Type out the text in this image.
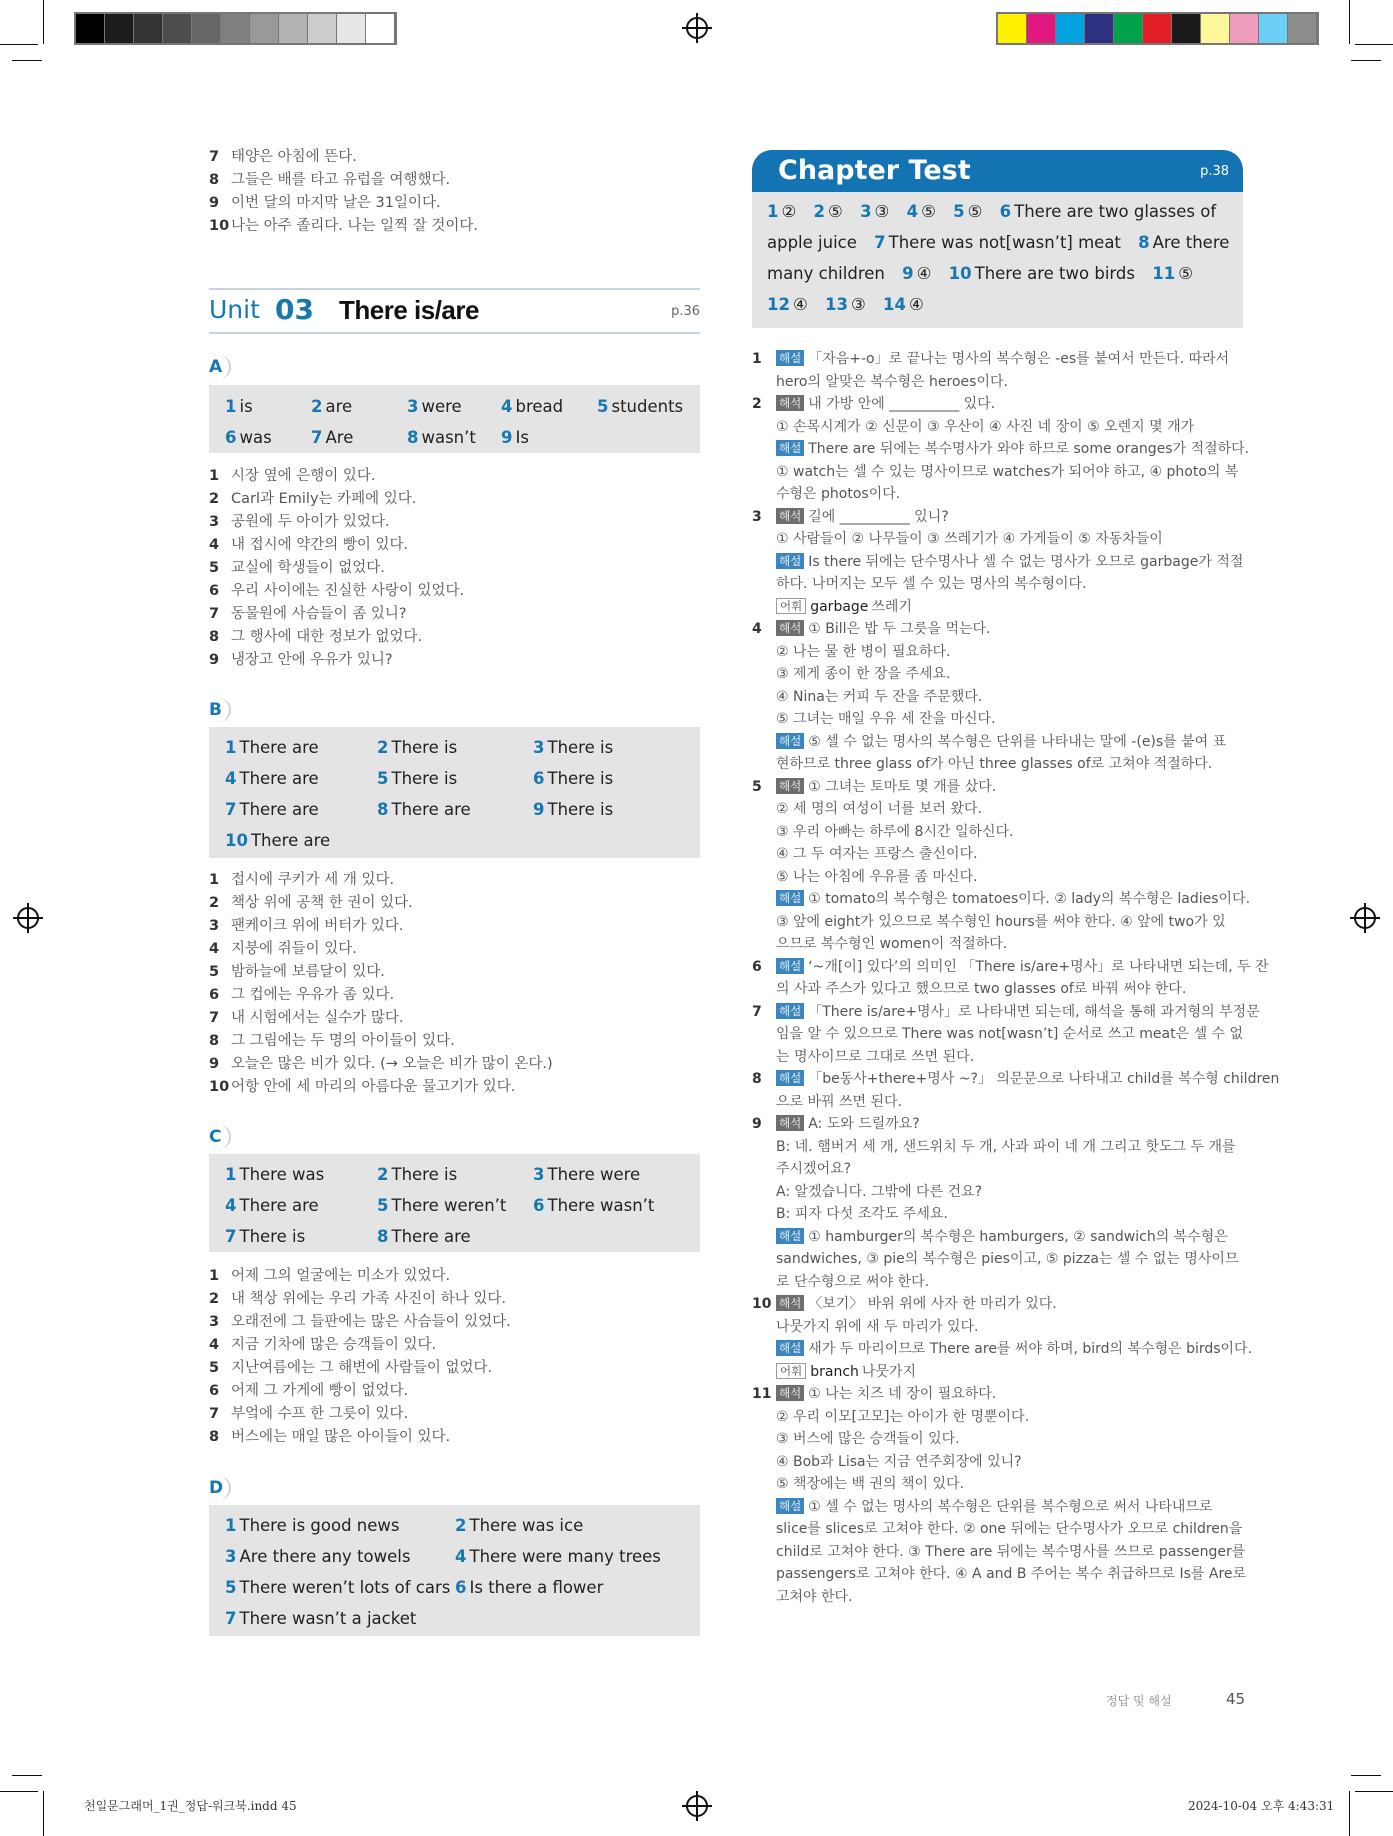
천일문그래머_1권_정답-워크북.indd 45	2024-10-04 오후 4:43:31
Unit 03 There is/are	p.36
Chapter Test	p.38
1 ② 2 ⑤ 3 ③ 4 ⑤ 5 ⑤ 6 There are two glasses of apple juice 7 There was not[wasn’t] meat 8 Are there many children 9 ④ 10 There are two birds 11 ⑤ 12 ④ 13 ③ 14 ④
1 해설 「자음+-o」로 끝나는 명사의 복수형은 -es를 붙여서 만든다. 따라서
hero의 알맞은 복수형은 heroes이다.
2 해석 내 가방 안에 __________ 있다.
① 손목시계가 ② 신문이 ③ 우산이 ④ 사진 네 장이 ⑤ 오렌지 몇 개가
해설 There are 뒤에는 복수명사가 와야 하므로 some oranges가 적절하다.
① watch는 셀 수 있는 명사이므로 watches가 되어야 하고, ④ photo의 복
수형은 photos이다.
3 해석 길에 __________ 있니?
① 사람들이 ② 나무들이 ③ 쓰레기가 ④ 가게들이 ⑤ 자동차들이
해설 Is there 뒤에는 단수명사나 셀 수 없는 명사가 오므로 garbage가 적절
하다. 나머지는 모두 셀 수 있는 명사의 복수형이다.
어휘 garbage 쓰레기
4 해석 ① Bill은 밥 두 그릇을 먹는다.
② 나는 물 한 병이 필요하다.
③ 제게 종이 한 장을 주세요.
④ Nina는 커피 두 잔을 주문했다.
⑤ 그녀는 매일 우유 세 잔을 마신다.
해설 ⑤ 셀 수 없는 명사의 복수형은 단위를 나타내는 말에 -(e)s를 붙여 표
현하므로 three glass of가 아닌 three glasses of로 고쳐야 적절하다.
5 해석 ① 그녀는 토마토 몇 개를 샀다.
② 세 명의 여성이 너를 보러 왔다.
③ 우리 아빠는 하루에 8시간 일하신다.
④ 그 두 여자는 프랑스 출신이다.
⑤ 나는 아침에 우유를 좀 마신다.
해설 ① tomato의 복수형은 tomatoes이다. ② lady의 복수형은 ladies이다.
③ 앞에 eight가 있으므로 복수형인 hours를 써야 한다. ④ 앞에 two가 있
으므로 복수형인 women이 적절하다.
6 해설 ‘~개[이] 있다’의 의미인 「There is/are+명사」로 나타내면 되는데, 두 잔
의 사과 주스가 있다고 했으므로 two glasses of로 바꿔 써야 한다.
7 해설 「There is/are+명사」로 나타내면 되는데, 해석을 통해 과거형의 부정문
임을 알 수 있으므로 There was not[wasn’t] 순서로 쓰고 meat은 셀 수 없
는 명사이므로 그대로 쓰면 된다.
8 해설 「be동사+there+명사 ~?」 의문문으로 나타내고 child를 복수형 children
으로 바꿔 쓰면 된다.
9 해석 A: 도와 드릴까요?
B: 네. 햄버거 세 개, 샌드위치 두 개, 사과 파이 네 개 그리고 핫도그 두 개를
주시겠어요?
A: 알겠습니다. 그밖에 다른 건요?
B: 피자 다섯 조각도 주세요.
해설 ① hamburger의 복수형은 hamburgers, ② sandwich의 복수형은
sandwiches, ③ pie의 복수형은 pies이고, ⑤ pizza는 셀 수 없는 명사이므
로 단수형으로 써야 한다.
10 해석 〈보기〉 바위 위에 사자 한 마리가 있다.
나뭇가지 위에 새 두 마리가 있다.
해설 새가 두 마리이므로 There are를 써야 하며, bird의 복수형은 birds이다.
어휘 branch 나뭇가지
11 해석 ① 나는 치즈 네 장이 필요하다.
② 우리 이모[고모]는 아이가 한 명뿐이다.
③ 버스에 많은 승객들이 있다.
④ Bob과 Lisa는 지금 연주회장에 있니?
⑤ 책장에는 백 권의 책이 있다.
해설 ① 셀 수 없는 명사의 복수형은 단위를 복수형으로 써서 나타내므로
slice를 slices로 고쳐야 한다. ② one 뒤에는 단수명사가 오므로 children을
child로 고쳐야 한다. ③ There are 뒤에는 복수명사를 쓰므로 passenger를
passengers로 고쳐야 한다. ④ A and B 주어는 복수 취급하므로 Is를 Are로
고쳐야 한다.
정답 및 해설	45
7 태양은 아침에 뜬다.
8 그들은 배를 타고 유럽을 여행했다.
9 이번 달의 마지막 날은 31일이다.
10 나는 아주 졸리다. 나는 일찍 잘 것이다.
A
1 is	2 are	3 were 4 bread 5 students
6 was 7 Are	8 wasn’t 9 Is
1 시장 옆에 은행이 있다.
2 Carl과 Emily는 카페에 있다.
3 공원에 두 아이가 있었다.
4 내 접시에 약간의 빵이 있다.
5 교실에 학생들이 없었다.
6 우리 사이에는 진실한 사랑이 있었다.
7 동물원에 사슴들이 좀 있니?
8 그 행사에 대한 정보가 없었다.
9 냉장고 안에 우유가 있니?
B
1 There are	2 There is	3 There is
4 There are	5 There is	6 There is
7 There are	8 There are	9 There is
10 There are
1 접시에 쿠키가 세 개 있다.
2 책상 위에 공책 한 권이 있다.
3 팬케이크 위에 버터가 있다.
4 지붕에 쥐들이 있다.
5 밤하늘에 보름달이 있다.
6 그 컵에는 우유가 좀 있다.
7 내 시험에서는 실수가 많다.
8 그 그림에는 두 명의 아이들이 있다.
9 오늘은 많은 비가 있다. (→ 오늘은 비가 많이 온다.)
10 어항 안에 세 마리의 아름다운 물고기가 있다.
C
1 There was	2 There is	3 There were
4 There are	5 There weren’t 6 There wasn’t
7 There is	8 There are
1 어제 그의 얼굴에는 미소가 있었다.
2 내 책상 위에는 우리 가족 사진이 하나 있다.
3 오래전에 그 들판에는 많은 사슴들이 있었다.
4 지금 기차에 많은 승객들이 있다.
5 지난여름에는 그 해변에 사람들이 없었다.
6 어제 그 가게에 빵이 없었다.
7 부엌에 수프 한 그릇이 있다.
8 버스에는 매일 많은 아이들이 있다.
D
1 There is good news	2 There was ice
3 Are there any towels	4 There were many trees
5 There weren’t lots of cars 6 Is there a flower
7 There wasn’t a jacket
